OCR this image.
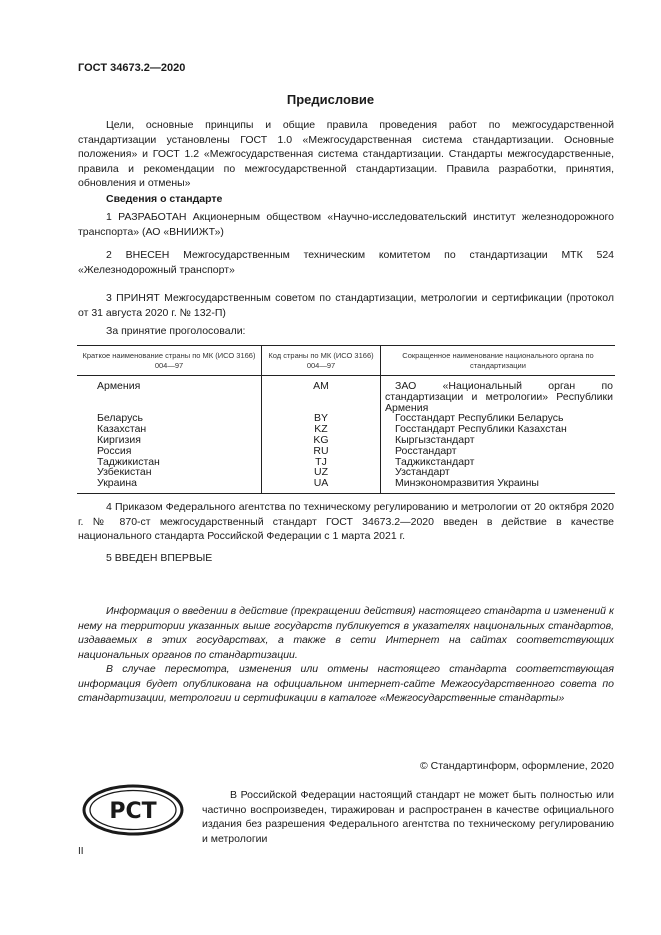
ГОСТ 34673.2—2020
Предисловие

Цели, основные принципы и общие правила проведения работ по межгосударственной стандартизации установлены ГОСТ 1.0 «Межгосударственная система стандартизации. Основные положения» и ГОСТ 1.2 «Межгосударственная система стандартизации. Стандарты межгосударственные, правила и рекомендации по межгосударственной стандартизации. Правила разработки, принятия, обновления и отмены»

Сведения о стандарте

1 РАЗРАБОТАН Акционерным обществом «Научно-исследовательский институт железнодорожного транспорта» (АО «ВНИИЖТ»)

2 ВНЕСЕН Межгосударственным техническим комитетом по стандартизации МТК 524 «Железнодорожный транспорт»

3 ПРИНЯТ Межгосударственным советом по стандартизации, метрологии и сертификации (протокол от 31 августа 2020 г. № 132-П)

За принятие проголосовали:

Краткое наименование страны по МК (ИСО 3166) 004—97	Код страны по МК (ИСО 3166) 004—97	Сокращенное наименование национального органа по стандартизации
Армения	AM	ЗАО «Национальный орган по стандартизации и метрологии» Республики Армения

Беларусь	BY	Госстандарт Республики Беларусь
Казахстан	KZ	Госстандарт Республики Казахстан
Киргизия	KG	Кыргызстандарт
Россия	RU	Росстандарт
Таджикистан	TJ	Таджикстандарт
Узбекистан	UZ	Узстандарт
Украина	UA	Минэкономразвития Украины

4 Приказом Федерального агентства по техническому регулированию и метрологии от 20 октября 2020 г. № 870-ст межгосударственный стандарт ГОСТ 34673.2—2020 введен в действие в качестве национального стандарта Российской Федерации с 1 марта 2021 г.

5 ВВЕДЕН ВПЕРВЫЕ

Информация о введении в действие (прекращении действия) настоящего стандарта и изменений к нему на территории указанных выше государств публикуется в указателях национальных стандартов, издаваемых в этих государствах, а также в сети Интернет на сайтах соответствующих национальных органов по стандартизации.

В случае пересмотра, изменения или отмены настоящего стандарта соответствующая информация будет опубликована на официальном интернет-сайте Межгосударственного совета по стандартизации, метрологии и сертификации в каталоге «Межгосударственные стандарты»

© Стандартинформ, оформление, 2020
РСТ
В Российской Федерации настоящий стандарт не может быть полностью или частично воспроизведен, тиражирован и распространен в качестве официального издания без разрешения Федерального агентства по техническому регулированию и метрологии
II
